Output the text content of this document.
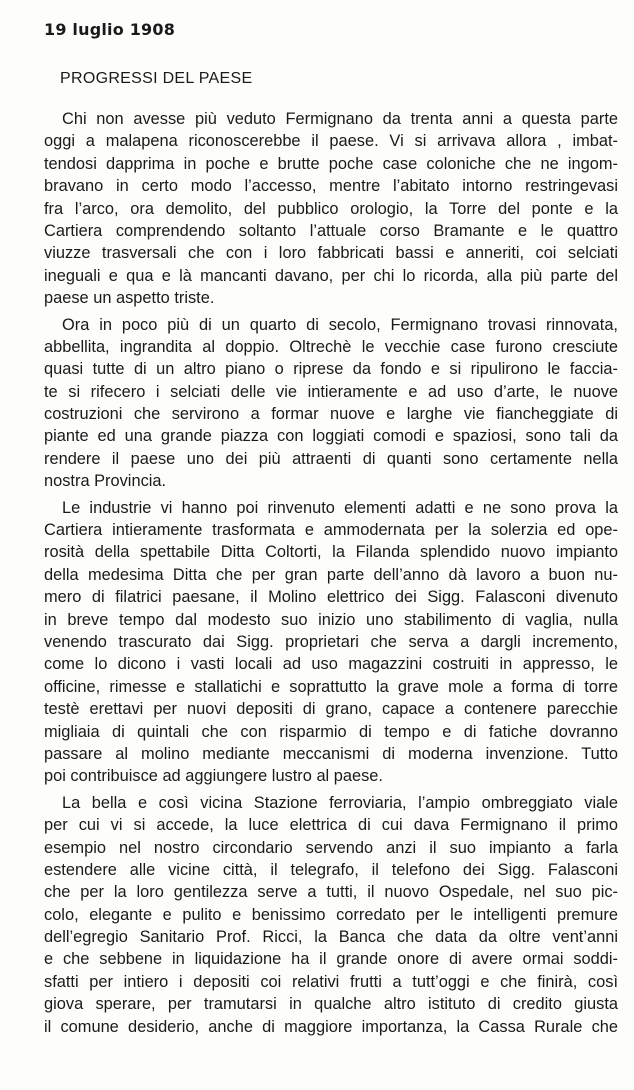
19 luglio 1908
PROGRESSI DEL PAESE
Chi non avesse più veduto Fermignano da trenta anni a questa parte
oggi a malapena riconoscerebbe il paese. Vi si arrivava allora , imbat-
tendosi dapprima in poche e brutte poche case coloniche che ne ingom-
bravano in certo modo l’accesso, mentre l’abitato intorno restringevasi
fra l’arco, ora demolito, del pubblico orologio, la Torre del ponte e la
Cartiera comprendendo soltanto l’attuale corso Bramante e le quattro
viuzze trasversali che con i loro fabbricati bassi e anneriti, coi selciati
ineguali e qua e là mancanti davano, per chi lo ricorda, alla più parte del
paese un aspetto triste.
Ora in poco più di un quarto di secolo, Fermignano trovasi rinnovata,
abbellita, ingrandita al doppio. Oltrechè le vecchie case furono cresciute
quasi tutte di un altro piano o riprese da fondo e si ripulirono le faccia-
te si rifecero i selciati delle vie intieramente e ad uso d’arte, le nuove
costruzioni che servirono a formar nuove e larghe vie fiancheggiate di
piante ed una grande piazza con loggiati comodi e spaziosi, sono tali da
rendere il paese uno dei più attraenti di quanti sono certamente nella
nostra Provincia.
Le industrie vi hanno poi rinvenuto elementi adatti e ne sono prova la
Cartiera intieramente trasformata e ammodernata per la solerzia ed ope-
rosità della spettabile Ditta Coltorti, la Filanda splendido nuovo impianto
della medesima Ditta che per gran parte dell’anno dà lavoro a buon nu-
mero di filatrici paesane, il Molino elettrico dei Sigg. Falasconi divenuto
in breve tempo dal modesto suo inizio uno stabilimento di vaglia, nulla
venendo trascurato dai Sigg. proprietari che serva a dargli incremento,
come lo dicono i vasti locali ad uso magazzini costruiti in appresso, le
officine, rimesse e stallatichi e soprattutto la grave mole a forma di torre
testè erettavi per nuovi depositi di grano, capace a contenere parecchie
migliaia di quintali che con risparmio di tempo e di fatiche dovranno
passare al molino mediante meccanismi di moderna invenzione. Tutto
poi contribuisce ad aggiungere lustro al paese.
La bella e così vicina Stazione ferroviaria, l’ampio ombreggiato viale
per cui vi si accede, la luce elettrica di cui dava Fermignano il primo
esempio nel nostro circondario servendo anzi il suo impianto a farla
estendere alle vicine città, il telegrafo, il telefono dei Sigg. Falasconi
che per la loro gentilezza serve a tutti, il nuovo Ospedale, nel suo pic-
colo, elegante e pulito e benissimo corredato per le intelligenti premure
dell’egregio Sanitario Prof. Ricci, la Banca che data da oltre vent’anni
e che sebbene in liquidazione ha il grande onore di avere ormai soddi-
sfatti per intiero i depositi coi relativi frutti a tutt’oggi e che finirà, così
giova sperare, per tramutarsi in qualche altro istituto di credito giusta
il comune desiderio, anche di maggiore importanza, la Cassa Rurale che
